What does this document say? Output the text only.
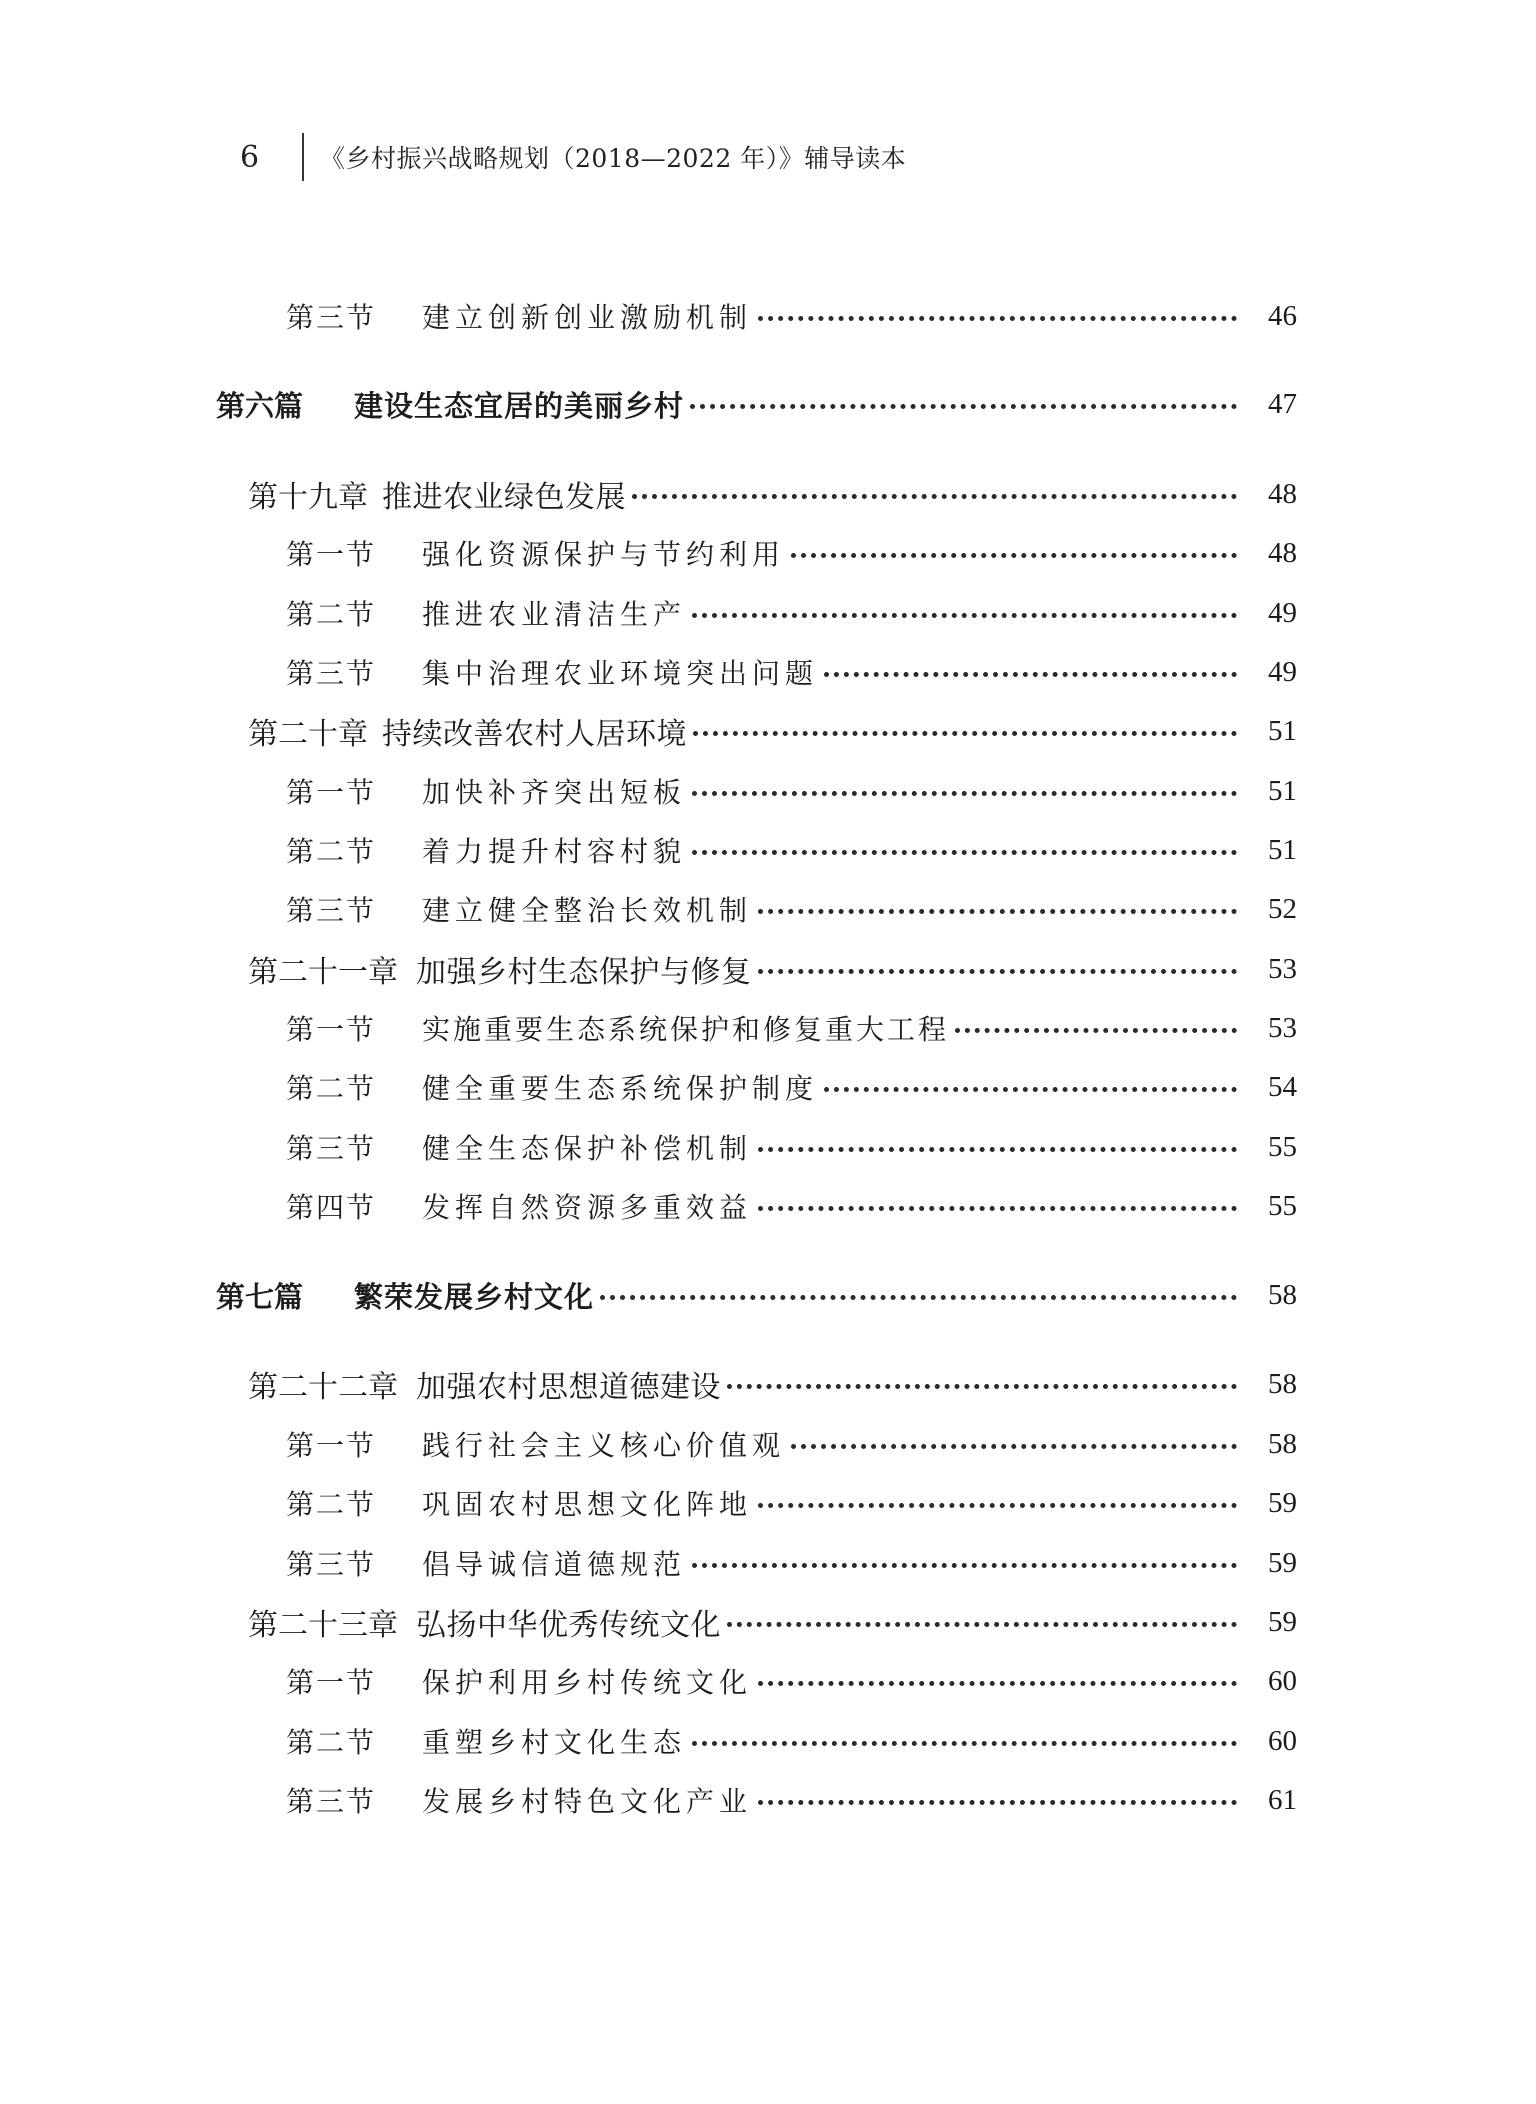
6	《乡村振兴战略规划（2018—2022 年）》辅导读本
第三节	建立创新创业激励机制	46
第六篇	建设生态宜居的美丽乡村	47
第十九章 推进农业绿色发展	48
第一节	强化资源保护与节约利用	48
第二节	推进农业清洁生产	49
第三节	集中治理农业环境突出问题	49
第二十章 持续改善农村人居环境	51
第一节	加快补齐突出短板	51
第二节	着力提升村容村貌	51
第三节	建立健全整治长效机制	52
第二十一章 加强乡村生态保护与修复	53
第一节	实施重要生态系统保护和修复重大工程	53
第二节	健全重要生态系统保护制度	54
第三节	健全生态保护补偿机制	55
第四节	发挥自然资源多重效益	55
第七篇	繁荣发展乡村文化	58
第二十二章 加强农村思想道德建设	58
第一节	践行社会主义核心价值观	58
第二节	巩固农村思想文化阵地	59
第三节	倡导诚信道德规范	59
第二十三章 弘扬中华优秀传统文化	59
第一节	保护利用乡村传统文化	60
第二节	重塑乡村文化生态	60
第三节	发展乡村特色文化产业	61
